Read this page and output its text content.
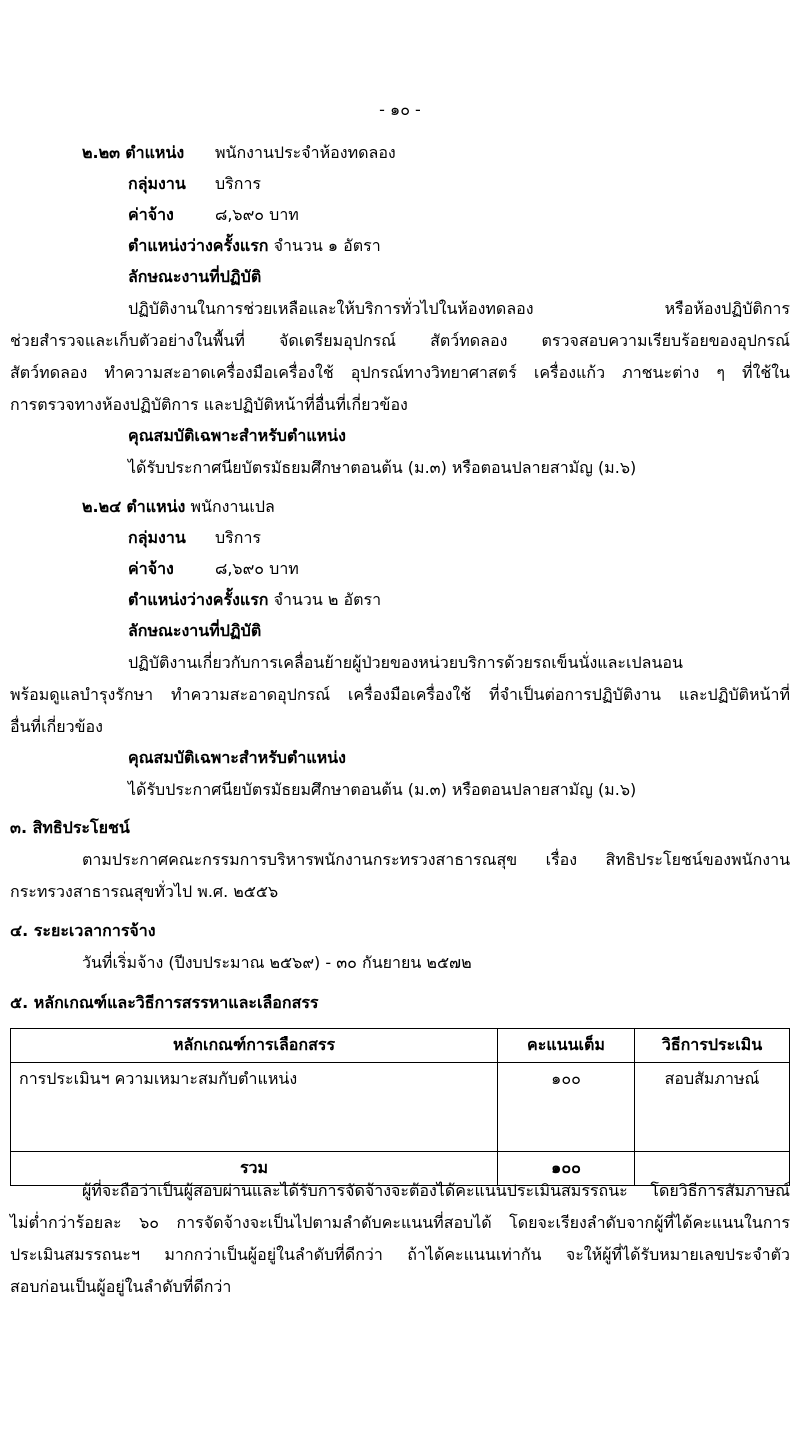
- ๑๐ -
๒.๒๓ ตำแหน่ง พนักงานประจำห้องทดลอง
กลุ่มงาน บริการ
ค่าจ้าง	๘,๖๙๐ บาท
ตำแหน่งว่างครั้งแรก จำนวน ๑ อัตรา
ลักษณะงานที่ปฏิบัติ
ปฏิบัติงานในการช่วยเหลือและให้บริการทั่วไปในห้องทดลอง หรือห้องปฏิบัติการ
ช่วยสำรวจและเก็บตัวอย่างในพื้นที่ จัดเตรียมอุปกรณ์ สัตว์ทดลอง ตรวจสอบความเรียบร้อยของอุปกรณ์
สัตว์ทดลอง ทำความสะอาดเครื่องมือเครื่องใช้ อุปกรณ์ทางวิทยาศาสตร์ เครื่องแก้ว ภาชนะต่าง ๆ ที่ใช้ใน
การตรวจทางห้องปฏิบัติการ และปฏิบัติหน้าที่อื่นที่เกี่ยวข้อง
คุณสมบัติเฉพาะสำหรับตำแหน่ง
ได้รับประกาศนียบัตรมัธยมศึกษาตอนต้น (ม.๓) หรือตอนปลายสามัญ (ม.๖)
๒.๒๔ ตำแหน่ง พนักงานเปล
กลุ่มงาน บริการ
ค่าจ้าง	๘,๖๙๐ บาท
ตำแหน่งว่างครั้งแรก จำนวน ๒ อัตรา
ลักษณะงานที่ปฏิบัติ
ปฏิบัติงานเกี่ยวกับการเคลื่อนย้ายผู้ป่วยของหน่วยบริการด้วยรถเข็นนั่งและเปลนอน
พร้อมดูแลบำรุงรักษา ทำความสะอาดอุปกรณ์ เครื่องมือเครื่องใช้ ที่จำเป็นต่อการปฏิบัติงาน และปฏิบัติหน้าที่
อื่นที่เกี่ยวข้อง
คุณสมบัติเฉพาะสำหรับตำแหน่ง
ได้รับประกาศนียบัตรมัธยมศึกษาตอนต้น (ม.๓) หรือตอนปลายสามัญ (ม.๖)
๓. สิทธิประโยชน์
ตามประกาศคณะกรรมการบริหารพนักงานกระทรวงสาธารณสุข เรื่อง สิทธิประโยชน์ของพนักงาน
กระทรวงสาธารณสุขทั่วไป พ.ศ. ๒๕๕๖
๔. ระยะเวลาการจ้าง
วันที่เริ่มจ้าง (ปีงบประมาณ ๒๕๖๙) - ๓๐ กันยายน ๒๕๗๒
๕. หลักเกณฑ์และวิธีการสรรหาและเลือกสรร
หลักเกณฑ์การเลือกสรร	คะแนนเต็ม	วิธีการประเมิน
การประเมินฯ ความเหมาะสมกับตำแหน่ง	๑๐๐	สอบสัมภาษณ์
รวม	๑๐๐	
ผู้ที่จะถือว่าเป็นผู้สอบผ่านและได้รับการจัดจ้างจะต้องได้คะแนนประเมินสมรรถนะ โดยวิธีการสัมภาษณ์
ไม่ต่ำกว่าร้อยละ ๖๐ การจัดจ้างจะเป็นไปตามลำดับคะแนนที่สอบได้ โดยจะเรียงลำดับจากผู้ที่ได้คะแนนในการ
ประเมินสมรรถนะฯ มากกว่าเป็นผู้อยู่ในลำดับที่ดีกว่า ถ้าได้คะแนนเท่ากัน จะให้ผู้ที่ได้รับหมายเลขประจำตัว
สอบก่อนเป็นผู้อยู่ในลำดับที่ดีกว่า
